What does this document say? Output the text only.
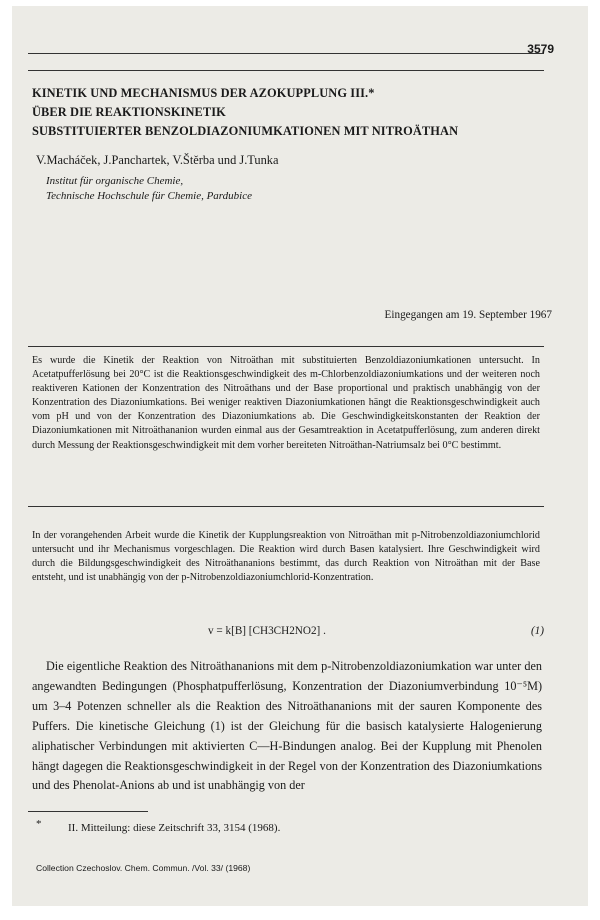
3579
KINETIK UND MECHANISMUS DER AZOKUPPLUNG III.*
ÜBER DIE REAKTIONSKINETIK
SUBSTITUIERTER BENZOLDIAZONIUMKATIONEN MIT NITROÄTHAN
V.Macháček, J.Panchartek, V.Štěrba und J.Tunka
Institut für organische Chemie,
Technische Hochschule für Chemie, Pardubice
Eingegangen am 19. September 1967
Es wurde die Kinetik der Reaktion von Nitroäthan mit substituierten Benzoldiazoniumkationen untersucht. In Acetatpufferlösung bei 20°C ist die Reaktionsgeschwindigkeit des m-Chlorbenzoldiazoniumkations und der weiteren noch reaktiveren Kationen der Konzentration des Nitroäthans und der Base proportional und praktisch unabhängig von der Konzentration des Diazoniumkations. Bei weniger reaktiven Diazoniumkationen hängt die Reaktionsgeschwindigkeit auch vom pH und von der Konzentration des Diazoniumkations ab. Die Geschwindigkeitskonstanten der Reaktion der Diazoniumkationen mit Nitroäthananion wurden einmal aus der Gesamtreaktion in Acetatpufferlösung, zum anderen direkt durch Messung der Reaktionsgeschwindigkeit mit dem vorher bereiteten Nitroäthan-Natriumsalz bei 0°C bestimmt.
In der vorangehenden Arbeit wurde die Kinetik der Kupplungsreaktion von Nitroäthan mit p-Nitrobenzoldiazoniumchlorid untersucht und ihr Mechanismus vorgeschlagen. Die Reaktion wird durch Basen katalysiert. Ihre Geschwindigkeit wird durch die Bildungsgeschwindigkeit des Nitroäthananions bestimmt, das durch Reaktion von Nitroäthan mit der Base entsteht, und ist unabhängig von der p-Nitrobenzoldiazoniumchlorid-Konzentration.
v = k[B] [CH3CH2NO2] .	(1)
Die eigentliche Reaktion des Nitroäthananions mit dem p-Nitrobenzoldiazoniumkation war unter den angewandten Bedingungen (Phosphatpufferlösung, Konzentration der Diazoniumverbindung 10⁻⁵M) um 3–4 Potenzen schneller als die Reaktion des Nitroäthananions mit der sauren Komponente des Puffers. Die kinetische Gleichung (1) ist der Gleichung für die basisch katalysierte Halogenierung aliphatischer Verbindungen mit aktivierten C—H-Bindungen analog. Bei der Kupplung mit Phenolen hängt dagegen die Reaktionsgeschwindigkeit in der Regel von der Konzentration des Diazoniumkations und des Phenolat-Anions ab und ist unabhängig von der
* II. Mitteilung: diese Zeitschrift 33, 3154 (1968).
Collection Czechoslov. Chem. Commun. /Vol. 33/ (1968)
